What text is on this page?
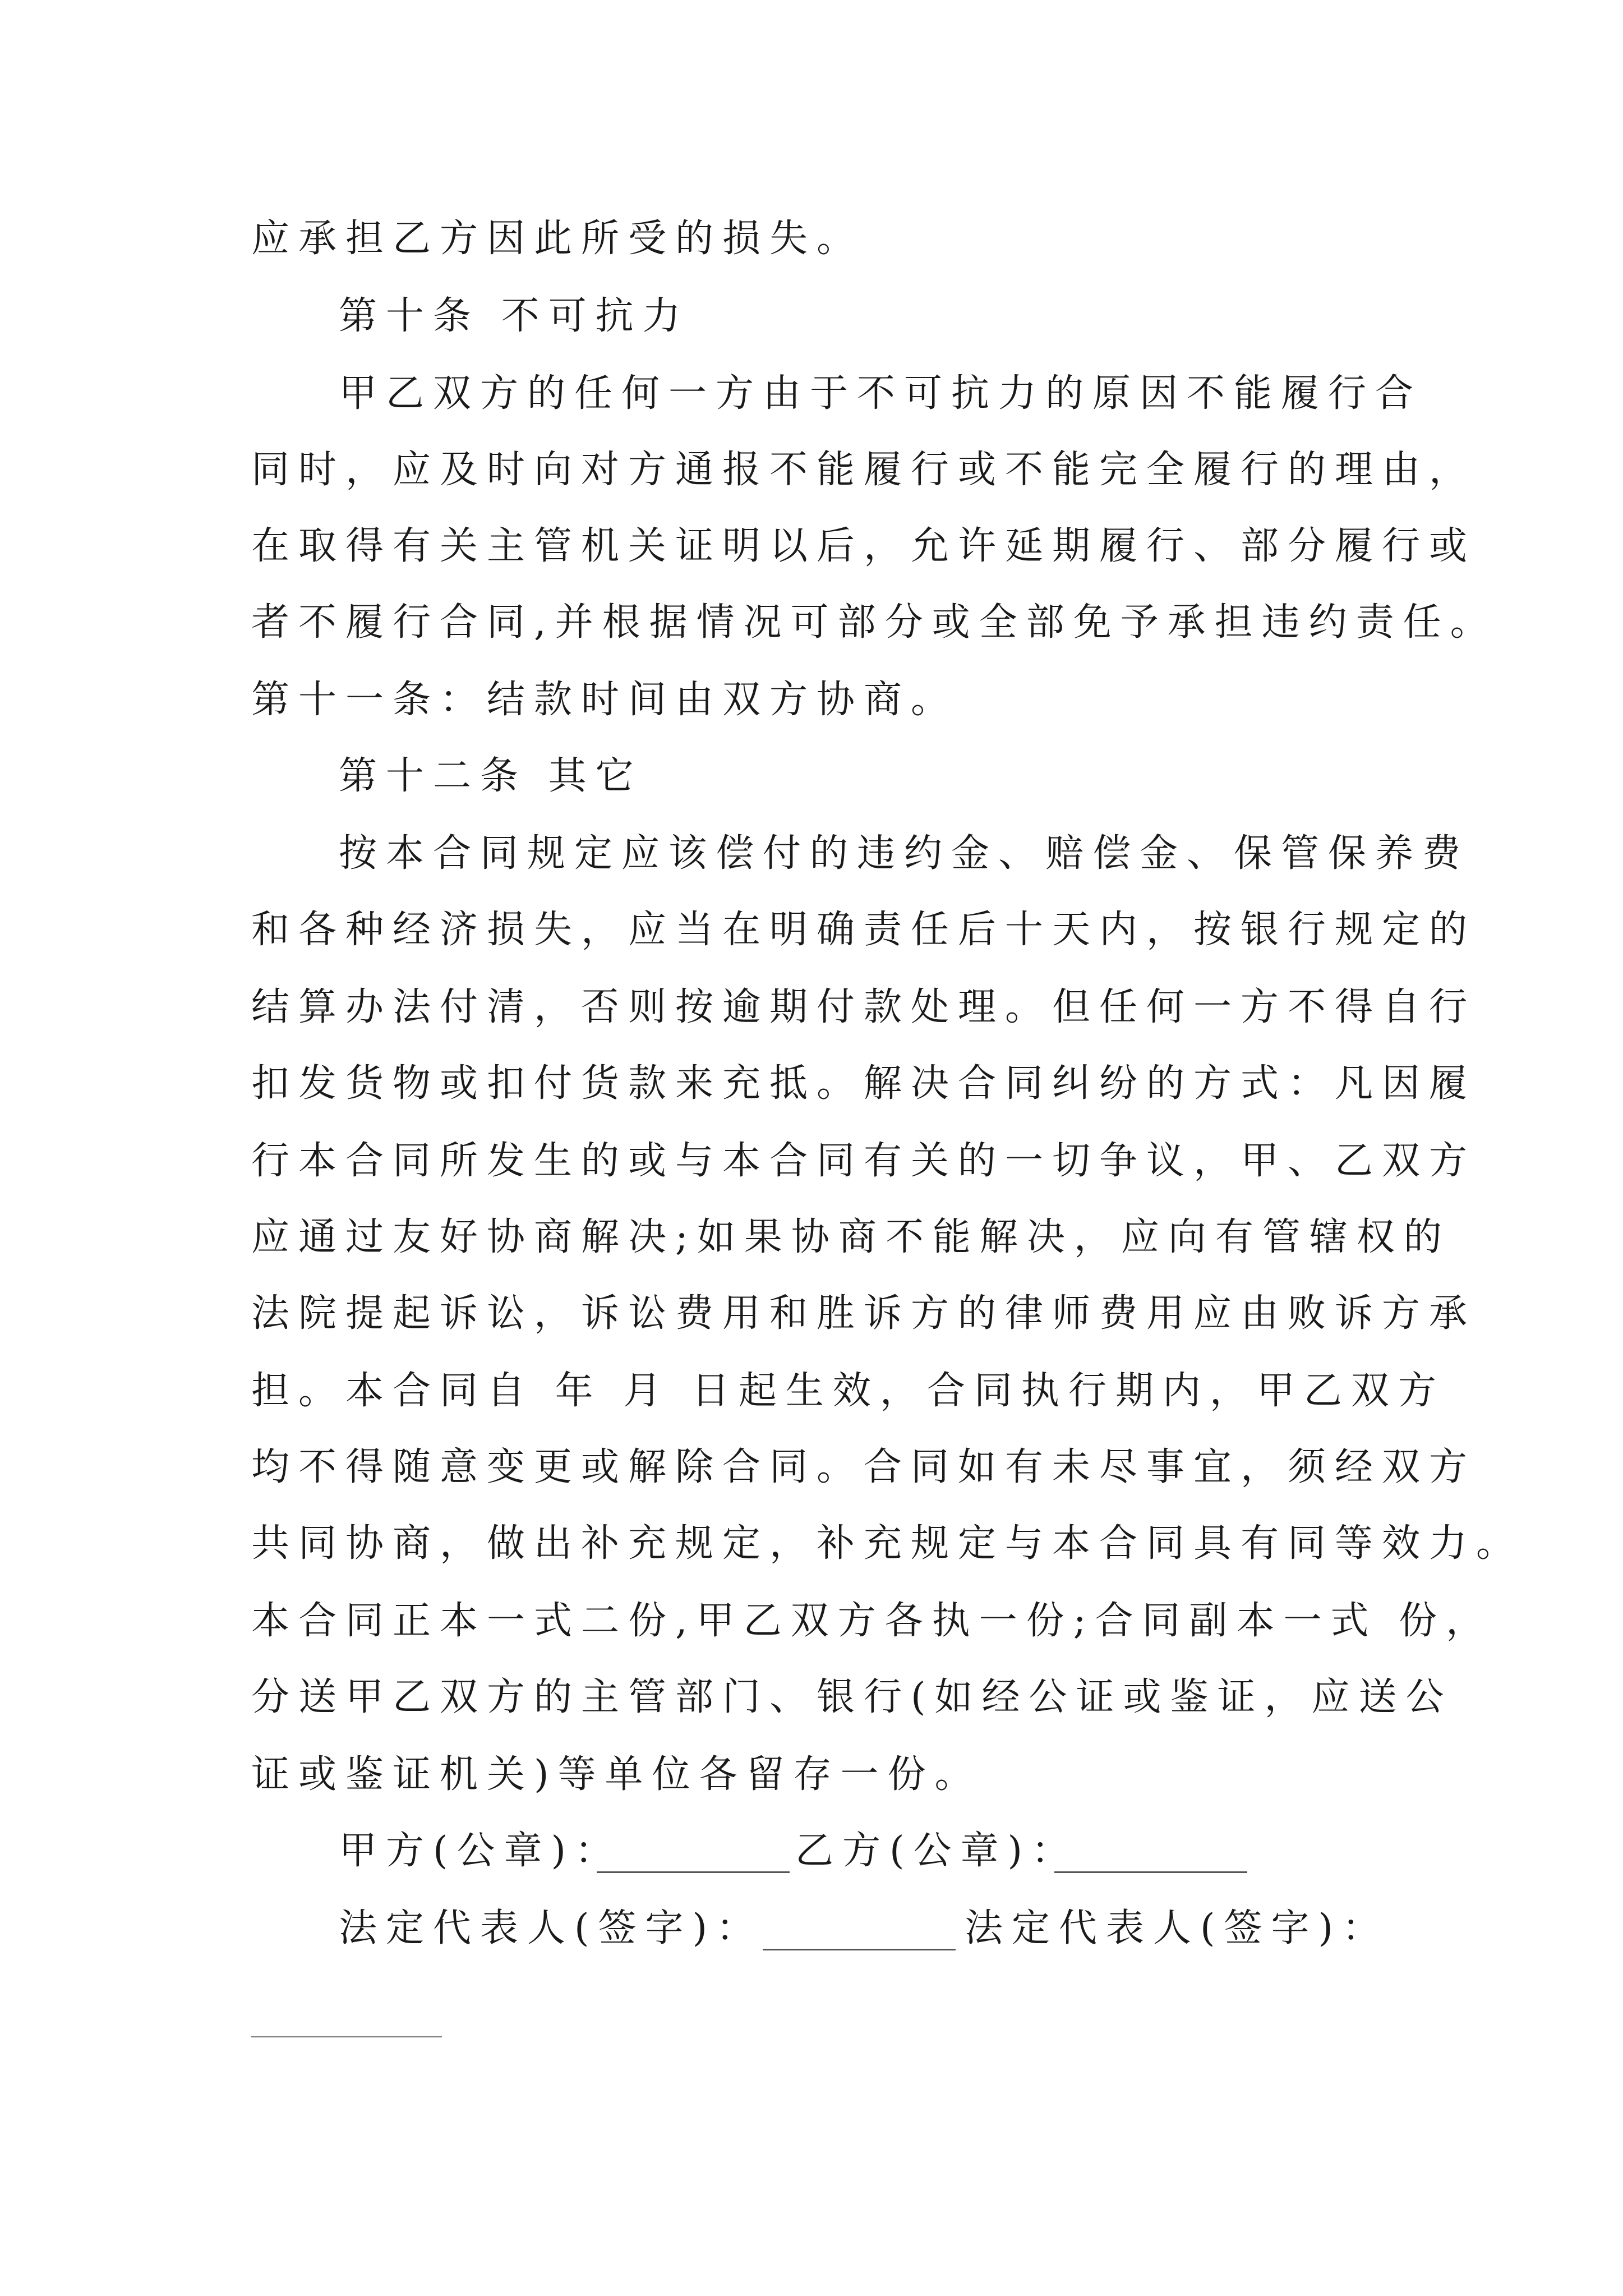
应承担乙方因此所受的损失。
第十条 不可抗力
甲乙双方的任何一方由于不可抗力的原因不能履行合
同时，应及时向对方通报不能履行或不能完全履行的理由，
在取得有关主管机关证明以后，允许延期履行、部分履行或
者不履行合同,并根据情况可部分或全部免予承担违约责任。
第十一条：结款时间由双方协商。
第十二条 其它
按本合同规定应该偿付的违约金、赔偿金、保管保养费
和各种经济损失，应当在明确责任后十天内，按银行规定的
结算办法付清，否则按逾期付款处理。但任何一方不得自行
扣发货物或扣付货款来充抵。解决合同纠纷的方式：凡因履
行本合同所发生的或与本合同有关的一切争议，甲、乙双方
应通过友好协商解决;如果协商不能解决，应向有管辖权的
法院提起诉讼，诉讼费用和胜诉方的律师费用应由败诉方承
担。本合同自 年 月 日起生效，合同执行期内，甲乙双方
均不得随意变更或解除合同。合同如有未尽事宜，须经双方
共同协商，做出补充规定，补充规定与本合同具有同等效力。
本合同正本一式二份,甲乙双方各执一份;合同副本一式 份，
分送甲乙双方的主管部门、银行(如经公证或鉴证，应送公
证或鉴证机关)等单位各留存一份。
甲方(公章)：	乙方(公章)：
法定代表人(签字)：	法定代表人(签字)：
